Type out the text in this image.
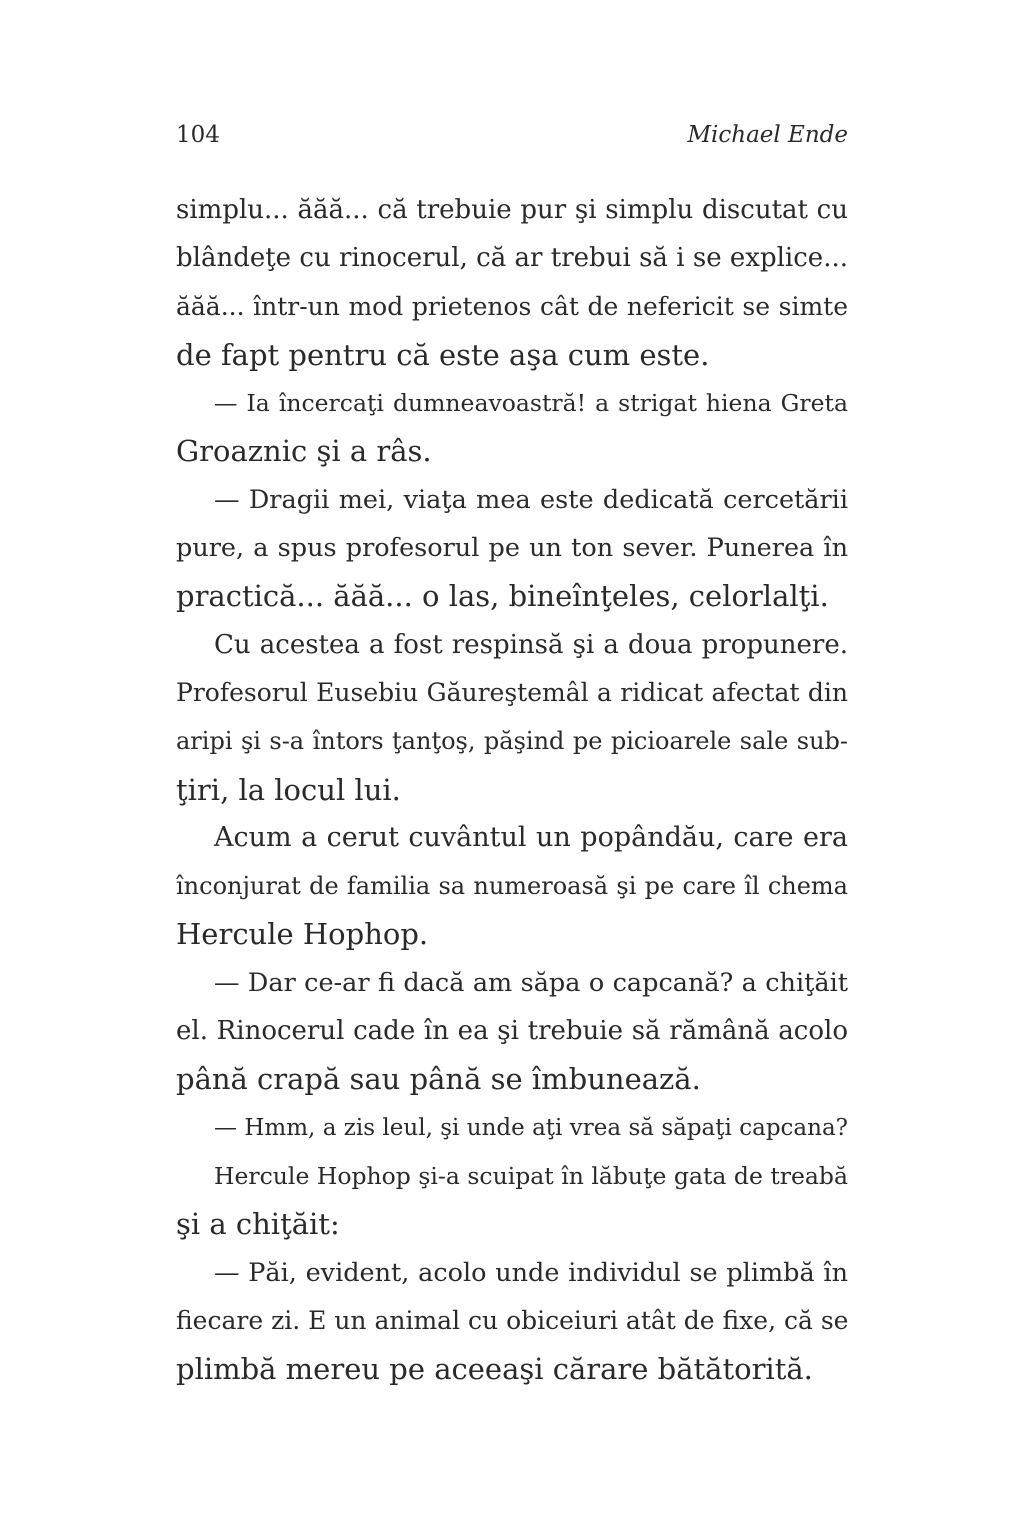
104	Michael Ende
simplu... ăăă... că trebuie pur şi simplu discutat cu
blândeţe cu rinocerul, că ar trebui să i se explice...
ăăă... într-un mod prietenos cât de nefericit se simte
de fapt pentru că este aşa cum este.
— Ia încercaţi dumneavoastră! a strigat hiena Greta
Groaznic şi a râs.
— Dragii mei, viaţa mea este dedicată cercetării
pure, a spus profesorul pe un ton sever. Punerea în
practică... ăăă... o las, bineînţeles, celorlalţi.
Cu acestea a fost respinsă şi a doua propunere.
Profesorul Eusebiu Găureştemâl a ridicat afectat din
aripi şi s-a întors ţanţoş, păşind pe picioarele sale sub-
ţiri, la locul lui.
Acum a cerut cuvântul un popândău, care era
înconjurat de familia sa numeroasă şi pe care îl chema
Hercule Hophop.
— Dar ce-ar fi dacă am săpa o capcană? a chiţăit
el. Rinocerul cade în ea şi trebuie să rămână acolo
până crapă sau până se îmbunează.
— Hmm, a zis leul, şi unde aţi vrea să săpaţi capcana?
Hercule Hophop şi-a scuipat în lăbuţe gata de treabă
şi a chiţăit:
— Păi, evident, acolo unde individul se plimbă în
fiecare zi. E un animal cu obiceiuri atât de fixe, că se
plimbă mereu pe aceeaşi cărare bătătorită.
